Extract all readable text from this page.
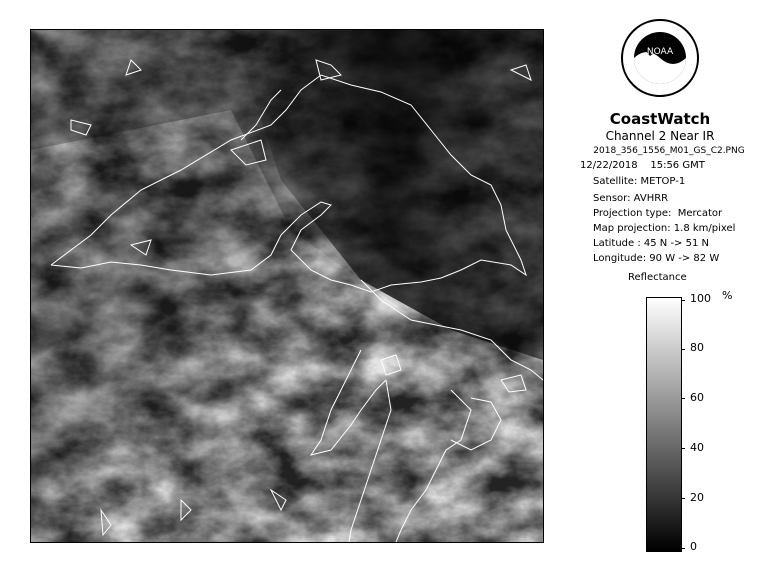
NOAA
CoastWatch
Channel 2 Near IR
2018_356_1556_M01_GS_C2.PNG
12/22/2018    15:56 GMT
Satellite: METOP-1
Sensor: AVHRR
Projection type:  Mercator
Map projection: 1.8 km/pixel
Latitude : 45 N -> 51 N
Longitude: 90 W -> 82 W
Reflectance
%
100
80
60
40
20
0
